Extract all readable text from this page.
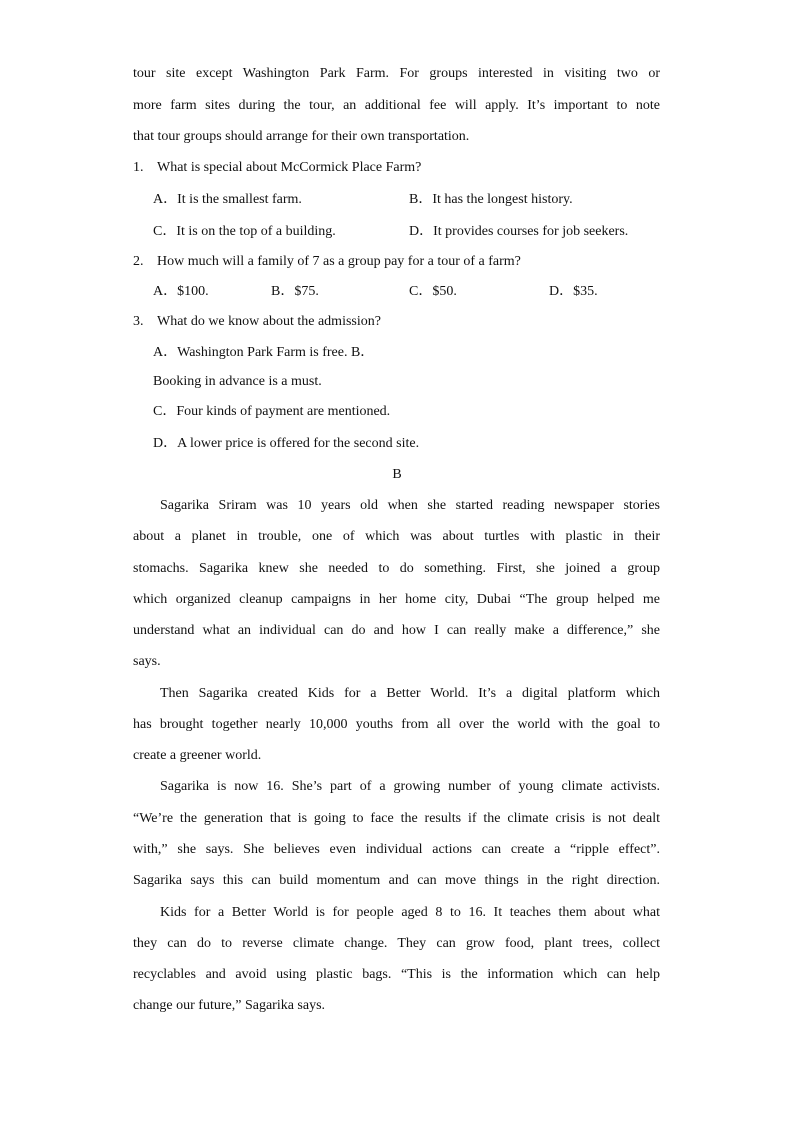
tour site except Washington Park Farm. For groups interested in visiting two or
more farm sites during the tour, an additional fee will apply. It’s important to note
that tour groups should arrange for their own transportation.
1. What is special about McCormick Place Farm?
A．It is the smallest farm.	B．It has the longest history.
C．It is on the top of a building.	D．It provides courses for job seekers.
2. How much will a family of 7 as a group pay for a tour of a farm?
A．$100.	B．$75.	C．$50.	D．$35.
3. What do we know about the admission?
A．Washington Park Farm is free. B．
Booking in advance is a must.
C．Four kinds of payment are mentioned.
D．A lower price is offered for the second site.
B
Sagarika Sriram was 10 years old when she started reading newspaper stories
about a planet in trouble, one of which was about turtles with plastic in their
stomachs. Sagarika knew she needed to do something. First, she joined a group
which organized cleanup campaigns in her home city, Dubai “The group helped me
understand what an individual can do and how I can really make a difference,” she
says.
Then Sagarika created Kids for a Better World. It’s a digital platform which
has brought together nearly 10,000 youths from all over the world with the goal to
create a greener world.
Sagarika is now 16. She’s part of a growing number of young climate activists.
“We’re the generation that is going to face the results if the climate crisis is not dealt
with,” she says. She believes even individual actions can create a “ripple effect”.
Sagarika says this can build momentum and can move things in the right direction.
Kids for a Better World is for people aged 8 to 16. It teaches them about what
they can do to reverse climate change. They can grow food, plant trees, collect
recyclables and avoid using plastic bags. “This is the information which can help
change our future,” Sagarika says.
